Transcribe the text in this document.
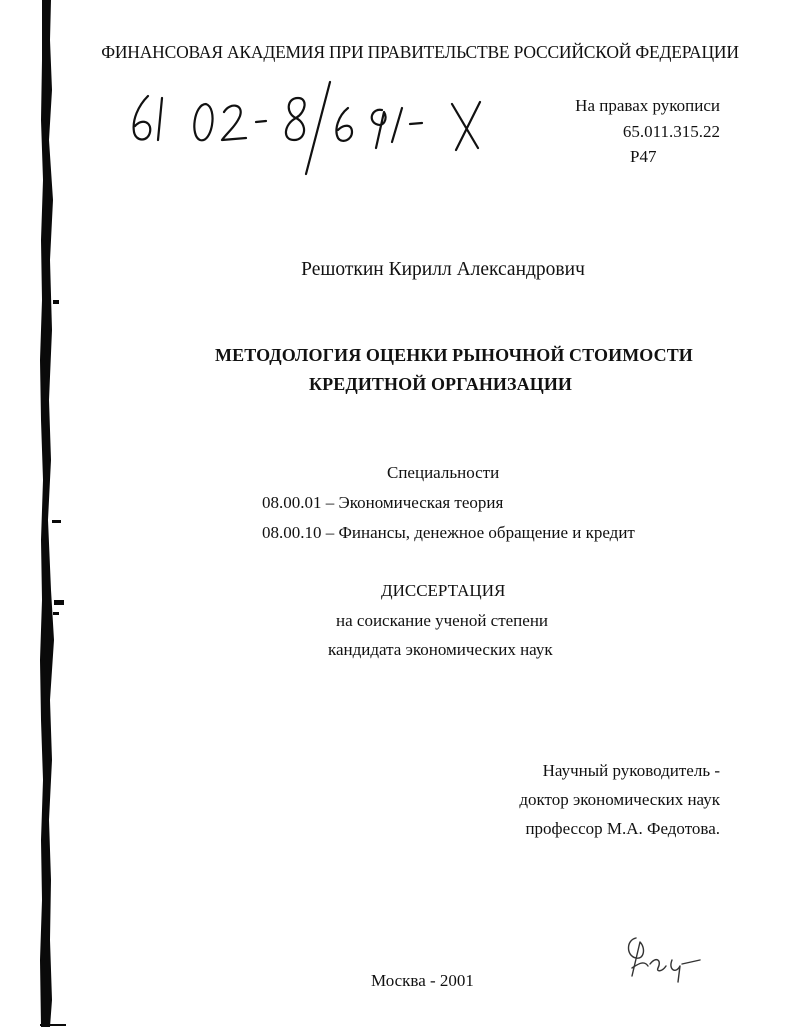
ФИНАНСОВАЯ АКАДЕМИЯ ПРИ ПРАВИТЕЛЬСТВЕ РОССИЙСКОЙ ФЕДЕРАЦИИ
На правах рукописи
65.011.315.22
Р47
Решоткин Кирилл Александрович
МЕТОДОЛОГИЯ ОЦЕНКИ РЫНОЧНОЙ СТОИМОСТИ
КРЕДИТНОЙ ОРГАНИЗАЦИИ
Специальности
08.00.01 – Экономическая теория
08.00.10 – Финансы, денежное обращение и кредит
ДИССЕРТАЦИЯ
на соискание ученой степени
кандидата экономических наук
Научный руководитель -
доктор экономических наук
профессор М.А. Федотова.
Москва - 2001
